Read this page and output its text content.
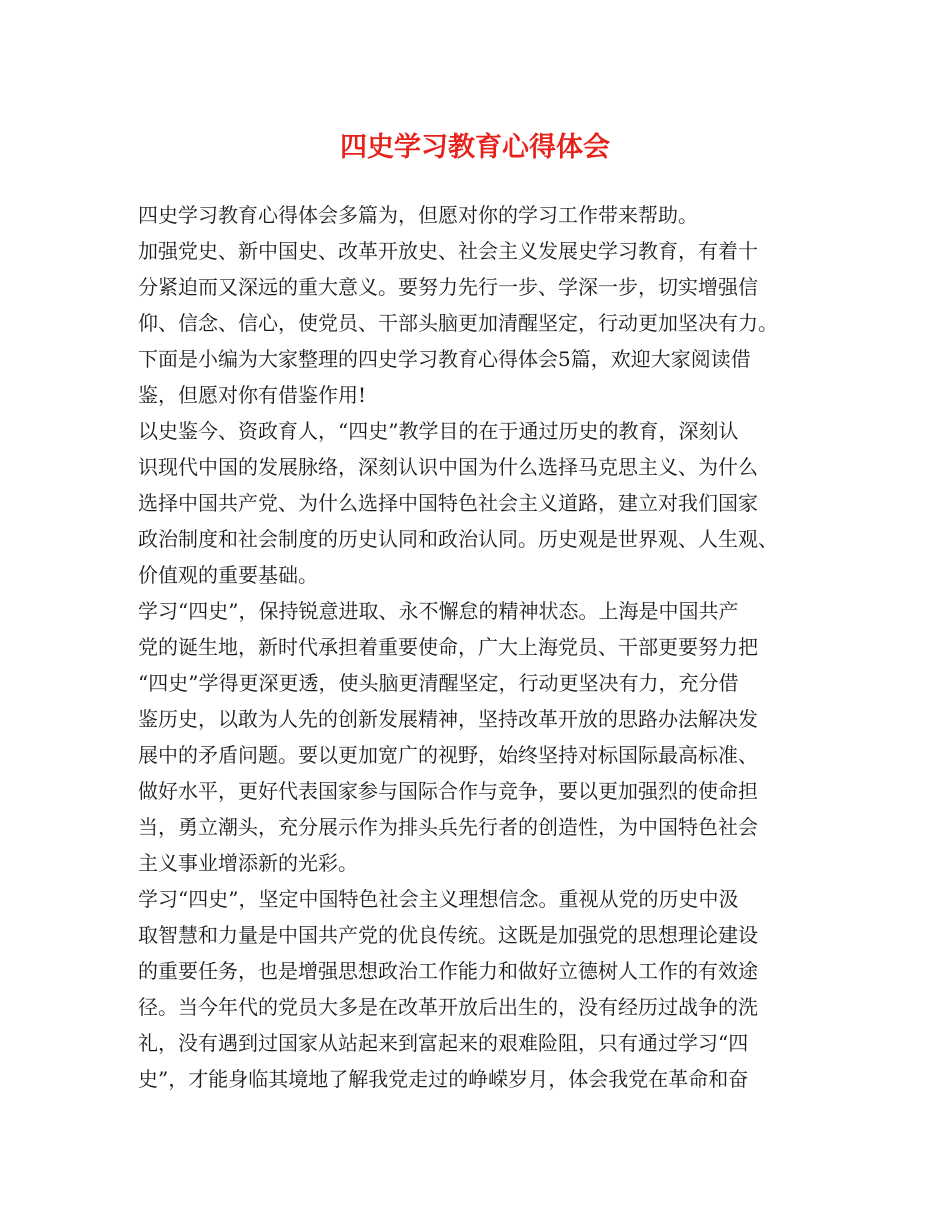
四史学习教育心得体会
四史学习教育心得体会多篇为，但愿对你的学习工作带来帮助。
加强党史、新中国史、改革开放史、社会主义发展史学习教育，有着十
分紧迫而又深远的重大意义。要努力先行一步、学深一步，切实增强信
仰、信念、信心，使党员、干部头脑更加清醒坚定，行动更加坚决有力。
下面是小编为大家整理的四史学习教育心得体会5篇，欢迎大家阅读借
鉴，但愿对你有借鉴作用!
以史鉴今、资政育人，“四史”教学目的在于通过历史的教育，深刻认
识现代中国的发展脉络，深刻认识中国为什么选择马克思主义、为什么
选择中国共产党、为什么选择中国特色社会主义道路，建立对我们国家
政治制度和社会制度的历史认同和政治认同。历史观是世界观、人生观、
价值观的重要基础。
学习“四史”，保持锐意进取、永不懈怠的精神状态。上海是中国共产
党的诞生地，新时代承担着重要使命，广大上海党员、干部更要努力把
“四史”学得更深更透，使头脑更清醒坚定，行动更坚决有力，充分借
鉴历史，以敢为人先的创新发展精神，坚持改革开放的思路办法解决发
展中的矛盾问题。要以更加宽广的视野，始终坚持对标国际最高标准、
做好水平，更好代表国家参与国际合作与竞争，要以更加强烈的使命担
当，勇立潮头，充分展示作为排头兵先行者的创造性，为中国特色社会
主义事业增添新的光彩。
学习“四史”，坚定中国特色社会主义理想信念。重视从党的历史中汲
取智慧和力量是中国共产党的优良传统。这既是加强党的思想理论建设
的重要任务，也是增强思想政治工作能力和做好立德树人工作的有效途
径。当今年代的党员大多是在改革开放后出生的，没有经历过战争的洗
礼，没有遇到过国家从站起来到富起来的艰难险阻，只有通过学习“四
史”，才能身临其境地了解我党走过的峥嵘岁月，体会我党在革命和奋
